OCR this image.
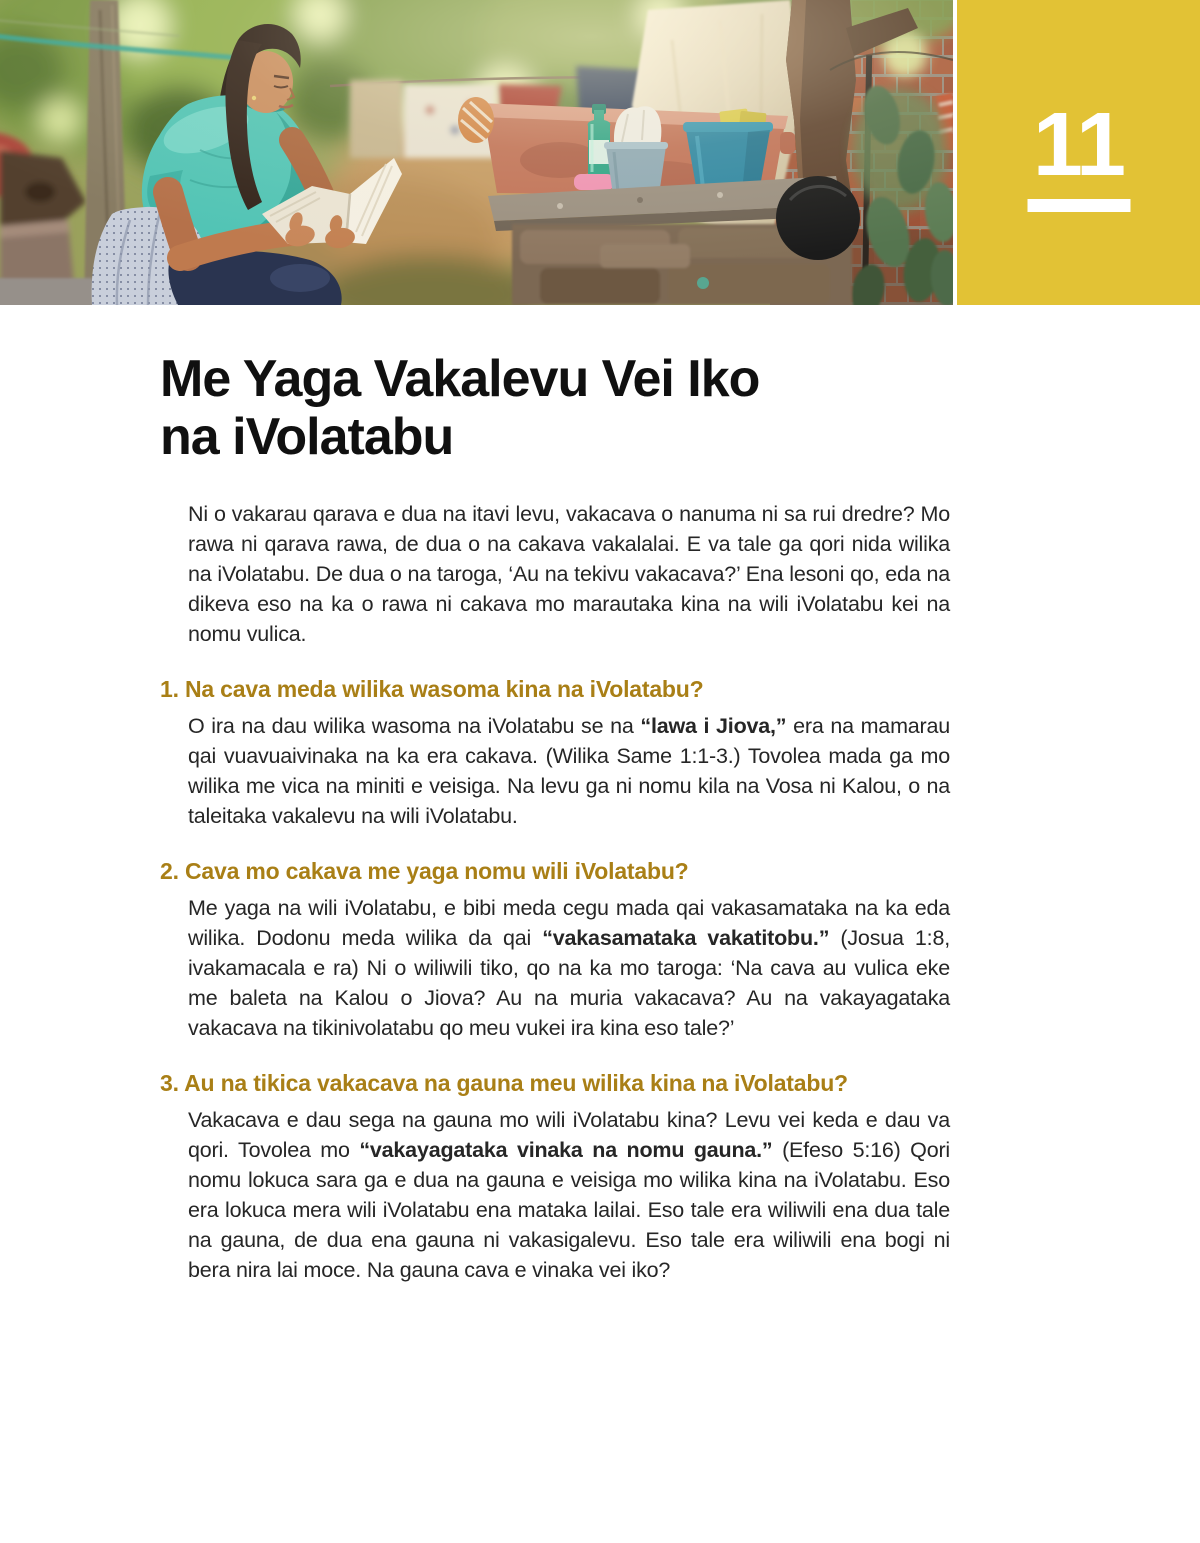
11
Me Yaga Vakalevu Vei Iko
na iVolatabu

Ni o vakarau qarava e dua na itavi levu, vakacava o nanuma ni sa rui dredre? Mo rawa ni qarava rawa, de dua o na cakava vakalalai. E va tale ga qori nida wilika na iVolatabu. De dua o na taroga, ‘Au na tekivu vakacava?’ Ena lesoni qo, eda na dikeva eso na ka o rawa ni cakava mo marautaka kina na wili iVolatabu kei na nomu vulica.

1. Na cava meda wilika wasoma kina na iVolatabu?

O ira na dau wilika wasoma na iVolatabu se na “lawa i Jiova,” era na mamarau qai vuavuaivinaka na ka era cakava. (Wilika Same 1:1-3.) Tovolea mada ga mo wilika me vica na miniti e veisiga. Na levu ga ni nomu kila na Vosa ni Kalou, o na taleitaka vakalevu na wili iVolatabu.

2. Cava mo cakava me yaga nomu wili iVolatabu?

Me yaga na wili iVolatabu, e bibi meda cegu mada qai vakasamataka na ka eda wilika. Dodonu meda wilika da qai “vakasamataka vakatitobu.” (Josua 1:8, ivakamacala e ra) Ni o wiliwili tiko, qo na ka mo taroga: ‘Na cava au vulica eke me baleta na Kalou o Jiova? Au na muria vakacava? Au na vakayagataka vakacava na tikinivolatabu qo meu vukei ira kina eso tale?’

3. Au na tikica vakacava na gauna meu wilika kina na iVolatabu?

Vakacava e dau sega na gauna mo wili iVolatabu kina? Levu vei keda e dau va qori. Tovolea mo “vakayagataka vinaka na nomu gauna.” (Efeso 5:16) Qori nomu lokuca sara ga e dua na gauna e veisiga mo wilika kina na iVolatabu. Eso era lokuca mera wili iVolatabu ena mataka lailai. Eso tale era wiliwili ena dua tale na gauna, de dua ena gauna ni vakasigalevu. Eso tale era wiliwili ena bogi ni bera nira lai moce. Na gauna cava e vinaka vei iko?
